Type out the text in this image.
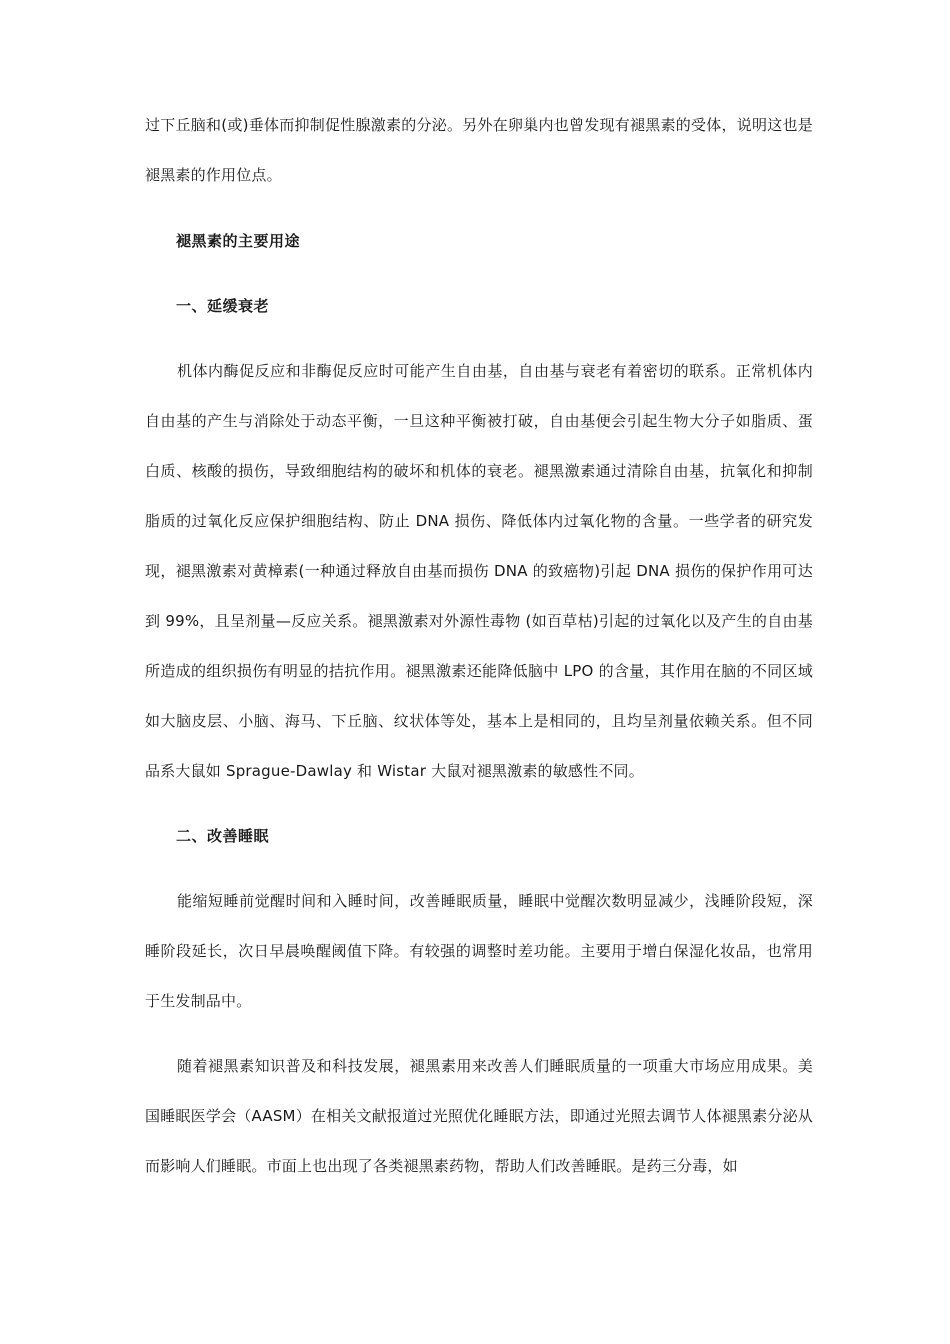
过下丘脑和(或)垂体而抑制促性腺激素的分泌。另外在卵巢内也曾发现有褪黑素的受体，说明这也是褪黑素的作用位点。
褪黑素的主要用途
一、延缓衰老
机体内酶促反应和非酶促反应时可能产生自由基，自由基与衰老有着密切的联系。正常机体内自由基的产生与消除处于动态平衡，一旦这种平衡被打破，自由基便会引起生物大分子如脂质、蛋白质、核酸的损伤，导致细胞结构的破坏和机体的衰老。褪黑激素通过清除自由基，抗氧化和抑制脂质的过氧化反应保护细胞结构、防止 DNA 损伤、降低体内过氧化物的含量。一些学者的研究发现，褪黑激素对黄樟素(一种通过释放自由基而损伤 DNA 的致癌物)引起 DNA 损伤的保护作用可达到 99%，且呈剂量—反应关系。褪黑激素对外源性毒物 (如百草枯)引起的过氧化以及产生的自由基所造成的组织损伤有明显的拮抗作用。褪黑激素还能降低脑中 LPO 的含量，其作用在脑的不同区域如大脑皮层、小脑、海马、下丘脑、纹状体等处，基本上是相同的，且均呈剂量依赖关系。但不同品系大鼠如 Sprague-Dawlay 和 Wistar 大鼠对褪黑激素的敏感性不同。
二、改善睡眠
能缩短睡前觉醒时间和入睡时间，改善睡眠质量，睡眠中觉醒次数明显减少，浅睡阶段短，深睡阶段延长，次日早晨唤醒阈值下降。有较强的调整时差功能。主要用于增白保湿化妆品，也常用于生发制品中。
随着褪黑素知识普及和科技发展，褪黑素用来改善人们睡眠质量的一项重大市场应用成果。美国睡眠医学会（AASM）在相关文献报道过光照优化睡眠方法，即通过光照去调节人体褪黑素分泌从而影响人们睡眠。市面上也出现了各类褪黑素药物，帮助人们改善睡眠。是药三分毒，如
